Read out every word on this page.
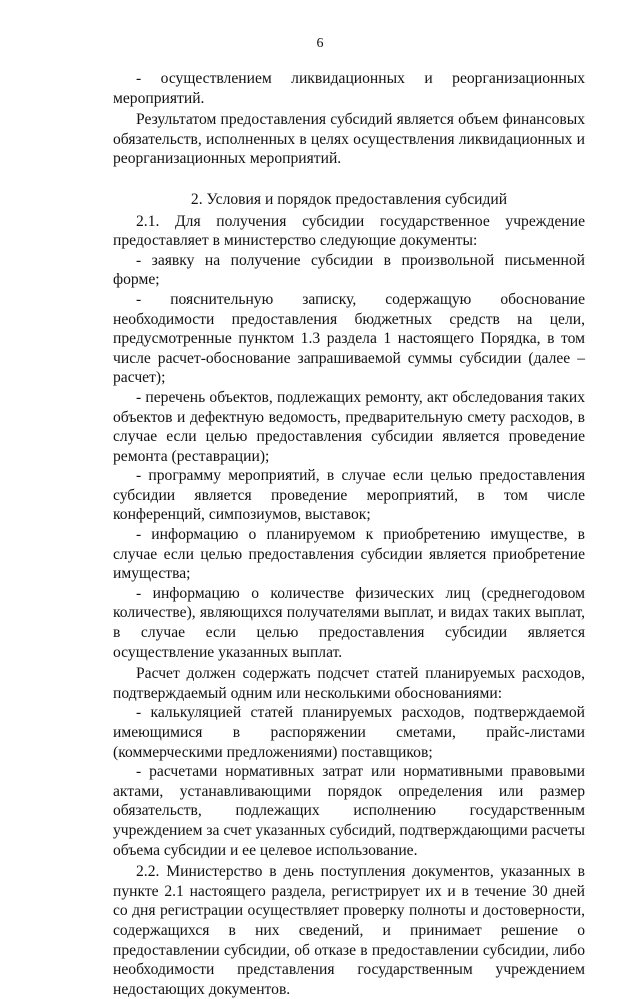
6

- осуществлением ликвидационных и реорганизационных мероприятий.

Результатом предоставления субсидий является объем финансовых обязательств, исполненных в целях осуществления ликвидационных и реорганизационных мероприятий.

2. Условия и порядок предоставления субсидий

2.1. Для получения субсидии государственное учреждение предоставляет в министерство следующие документы:

- заявку на получение субсидии в произвольной письменной форме;

- пояснительную записку, содержащую обоснование необходимости предоставления бюджетных средств на цели, предусмотренные пунктом 1.3 раздела 1 настоящего Порядка, в том числе расчет-обоснование запрашиваемой суммы субсидии (далее – расчет);

- перечень объектов, подлежащих ремонту, акт обследования таких объектов и дефектную ведомость, предварительную смету расходов, в случае если целью предоставления субсидии является проведение ремонта (реставрации);

- программу мероприятий, в случае если целью предоставления субсидии является проведение мероприятий, в том числе конференций, симпозиумов, выставок;

- информацию о планируемом к приобретению имуществе, в случае если целью предоставления субсидии является приобретение имущества;

- информацию о количестве физических лиц (среднегодовом количестве), являющихся получателями выплат, и видах таких выплат, в случае если целью предоставления субсидии является осуществление указанных выплат.

Расчет должен содержать подсчет статей планируемых расходов, подтверждаемый одним или несколькими обоснованиями:

- калькуляцией статей планируемых расходов, подтверждаемой имеющимися в распоряжении сметами, прайс-листами (коммерческими предложениями) поставщиков;

- расчетами нормативных затрат или нормативными правовыми актами, устанавливающими порядок определения или размер обязательств, подлежащих исполнению государственным учреждением за счет указанных субсидий, подтверждающими расчеты объема субсидии и ее целевое использование.

2.2. Министерство в день поступления документов, указанных в пункте 2.1 настоящего раздела, регистрирует их и в течение 30 дней со дня регистрации осуществляет проверку полноты и достоверности, содержащихся в них сведений, и принимает решение о предоставлении субсидии, об отказе в предоставлении субсидии, либо необходимости представления государственным учреждением недостающих документов.
